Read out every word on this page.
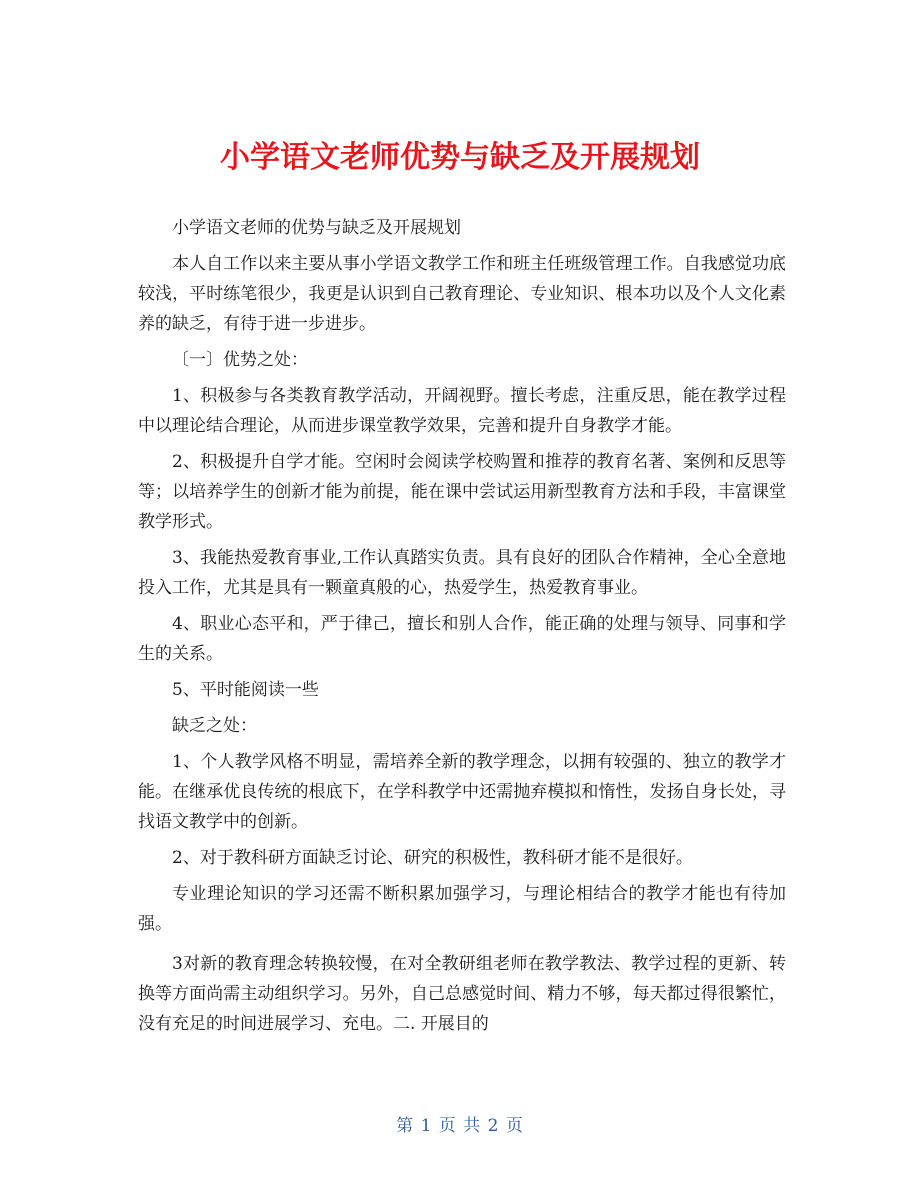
小学语文老师优势与缺乏及开展规划

小学语文老师的优势与缺乏及开展规划

本人自工作以来主要从事小学语文教学工作和班主任班级管理工作。自我感觉功底较浅，平时练笔很少，我更是认识到自己教育理论、专业知识、根本功以及个人文化素养的缺乏，有待于进一步进步。

〔一〕优势之处：

1、积极参与各类教育教学活动，开阔视野。擅长考虑，注重反思，能在教学过程中以理论结合理论，从而进步课堂教学效果，完善和提升自身教学才能。

2、积极提升自学才能。空闲时会阅读学校购置和推荐的教育名著、案例和反思等等；以培养学生的创新才能为前提，能在课中尝试运用新型教育方法和手段，丰富课堂教学形式。

3、我能热爱教育事业,工作认真踏实负责。具有良好的团队合作精神，全心全意地投入工作，尤其是具有一颗童真般的心，热爱学生，热爱教育事业。

4、职业心态平和，严于律己，擅长和别人合作，能正确的处理与领导、同事和学生的关系。

5、平时能阅读一些

缺乏之处：

1、个人教学风格不明显，需培养全新的教学理念，以拥有较强的、独立的教学才能。在继承优良传统的根底下，在学科教学中还需抛弃模拟和惰性，发扬自身长处，寻找语文教学中的创新。

2、对于教科研方面缺乏讨论、研究的积极性，教科研才能不是很好。

专业理论知识的学习还需不断积累加强学习，与理论相结合的教学才能也有待加强。

3对新的教育理念转换较慢，在对全教研组老师在教学教法、教学过程的更新、转换等方面尚需主动组织学习。另外，自己总感觉时间、精力不够，每天都过得很繁忙，没有充足的时间进展学习、充电。二. 开展目的

第 1 页 共 2 页
